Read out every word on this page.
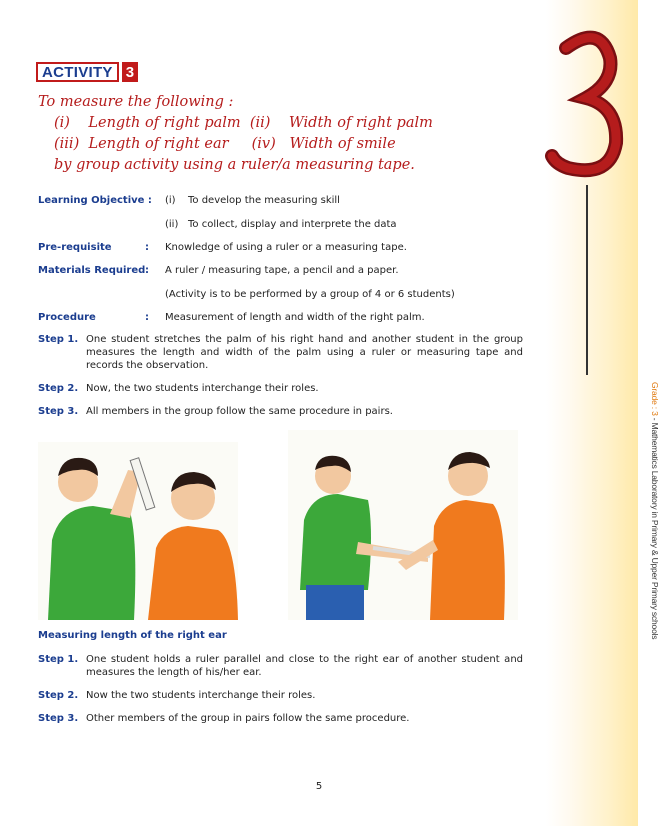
Grade : 3 - Mathematics Laboratory in Primary & Upper Primary schools
ACTIVITY 3
To measure the following :
(i)    Length of right palm  (ii)    Width of right palm
(iii)  Length of right ear     (iv)   Width of smile
by group activity using a ruler/a measuring tape.
Learning Objective : (i) To develop the measuring skill
(ii) To collect, display and interprete the data
Pre-requisite	: Knowledge of using a ruler or a measuring tape.
Materials Required : A ruler / measuring tape, a pencil and a paper.
(Activity is to be performed by a group of 4 or 6 students)
Procedure	: Measurement of length and width of the right palm.
Step 1. One student stretches the palm of his right hand and another student in the group measures the length and width of the palm using a ruler or measuring tape and records the observation.
Step 2. Now, the two students interchange their roles.
Step 3. All members in the group follow the same procedure in pairs.
Measuring length of the right ear
Step 1. One student holds a ruler parallel and close to the right ear of another student and measures the length of his/her ear.
Step 2. Now the two students interchange their roles.
Step 3. Other members of the group in pairs follow the same procedure.
5
